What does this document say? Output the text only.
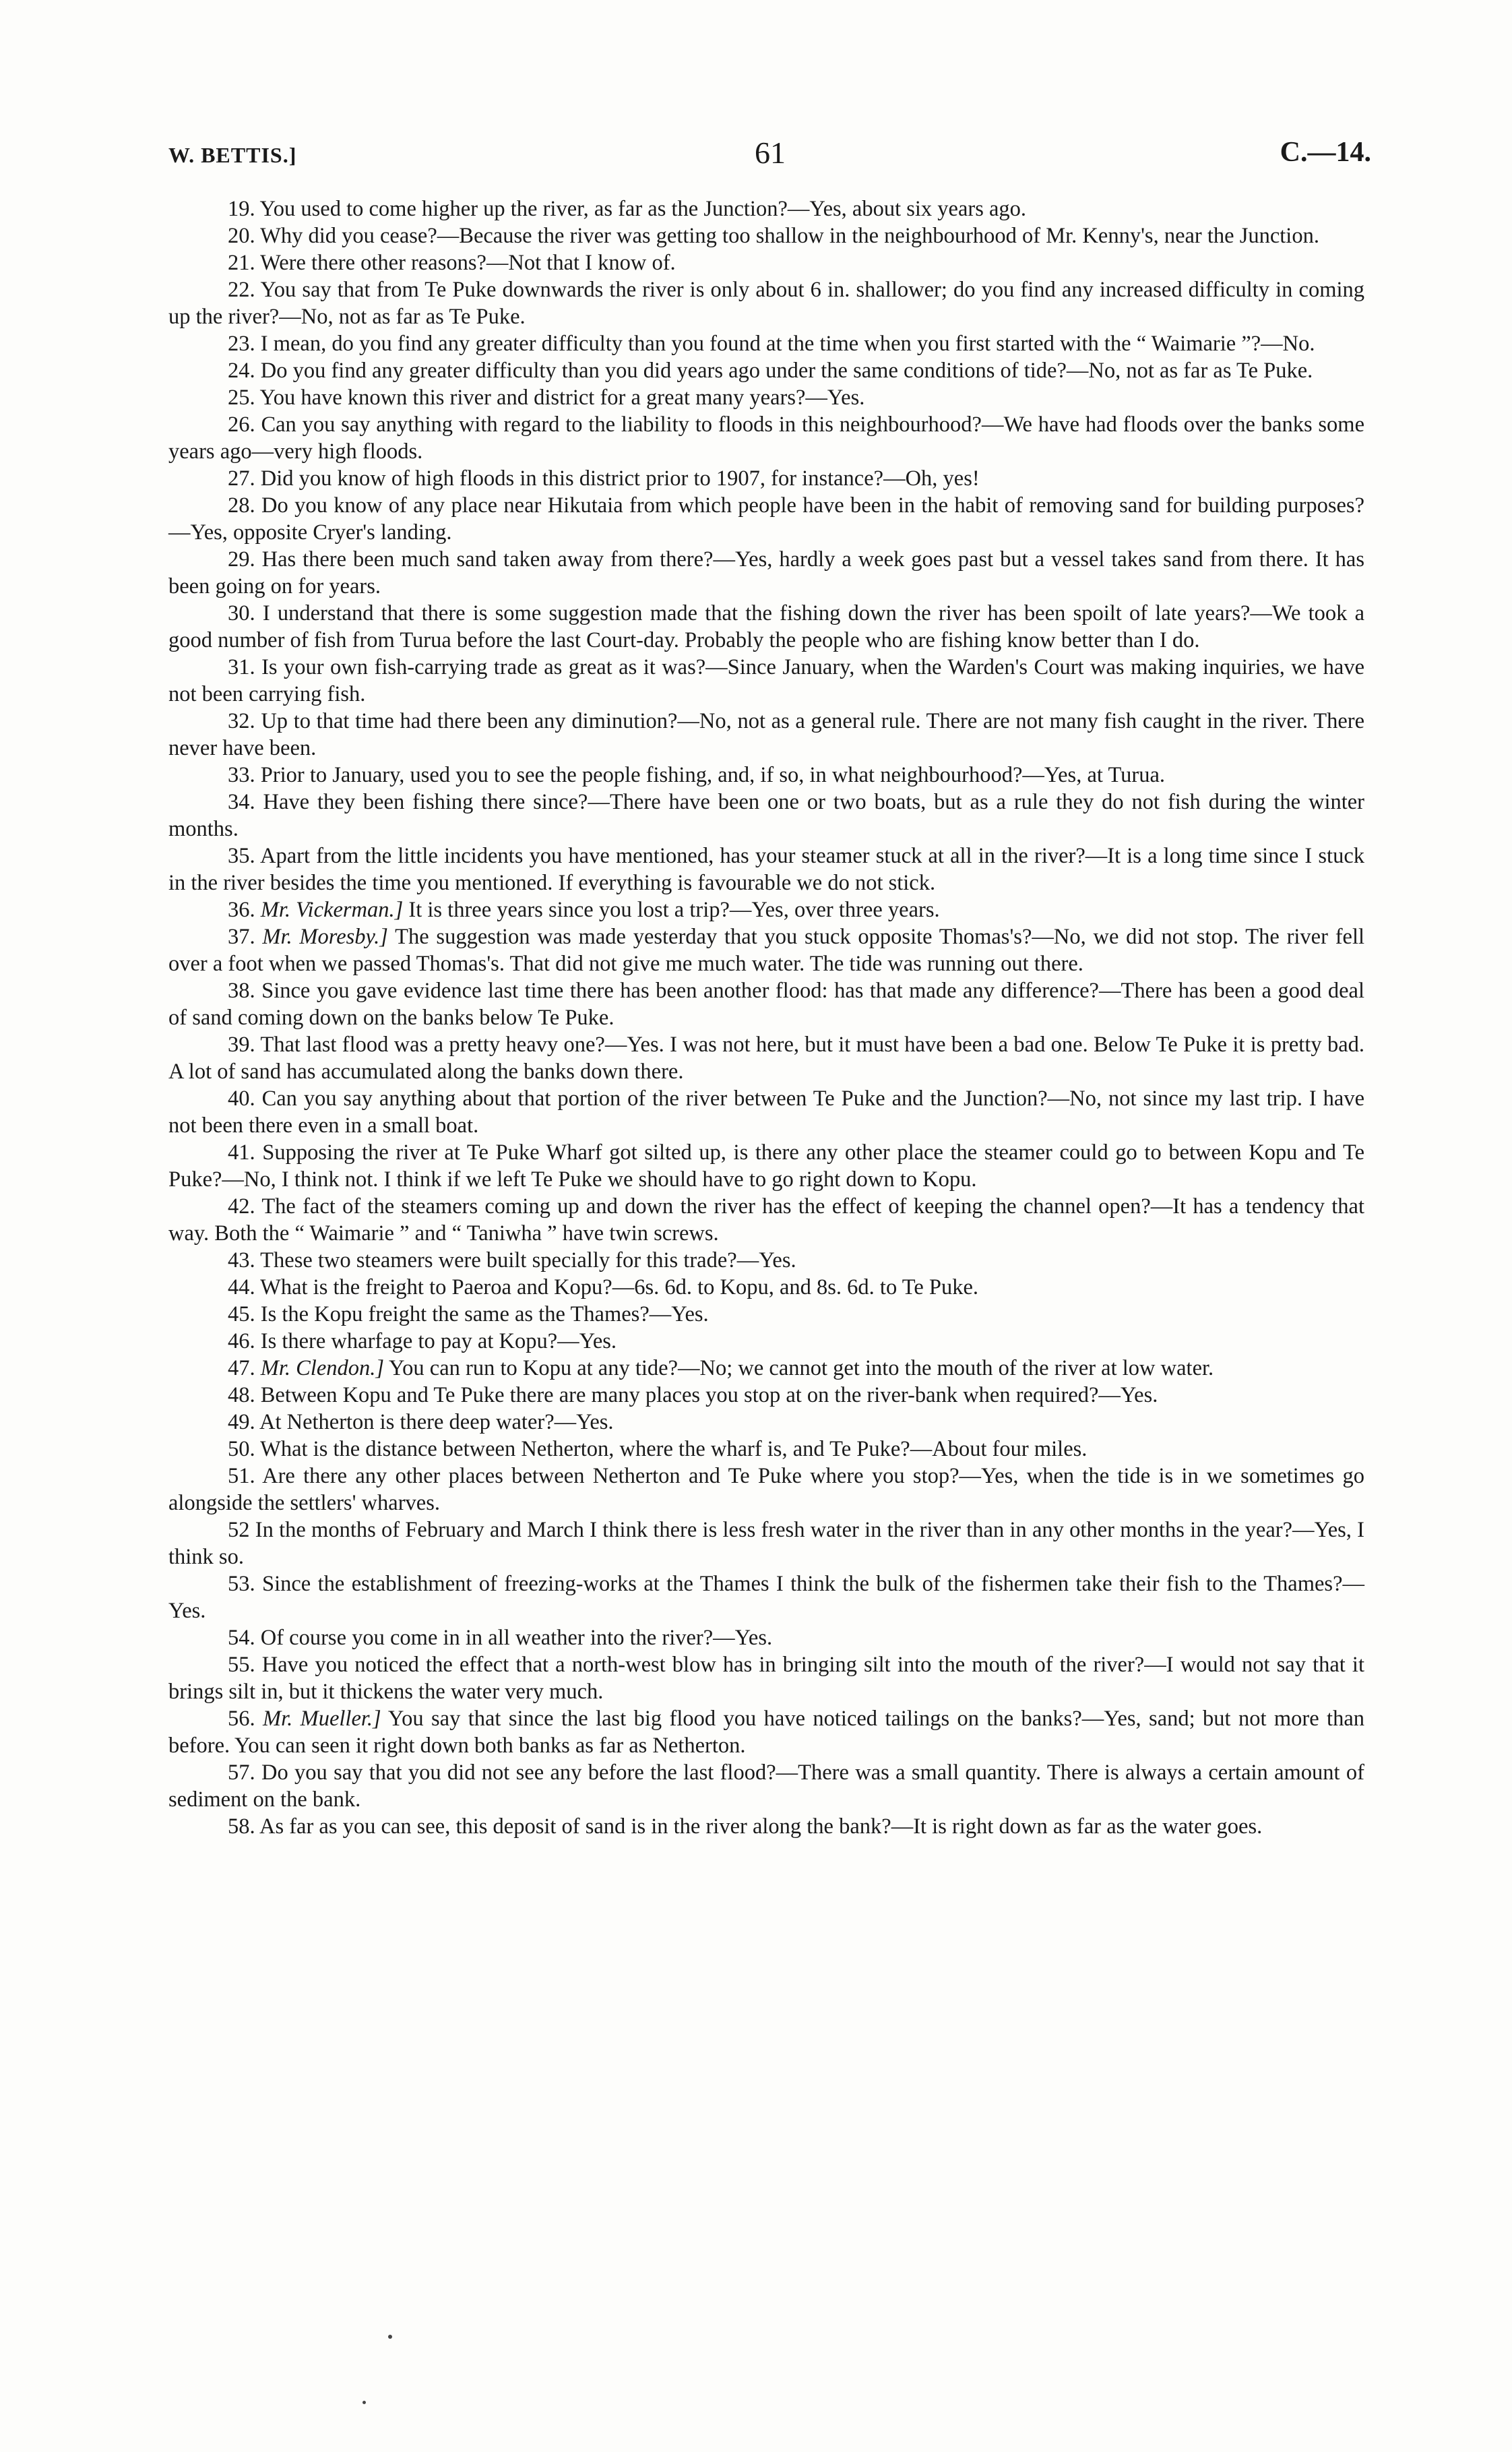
W. BETTIS.]	61	C.—14.

19. You used to come higher up the river, as far as the Junction?—Yes, about six years ago.

20. Why did you cease?—Because the river was getting too shallow in the neighbourhood of Mr. Kenny's, near the Junction.

21. Were there other reasons?—Not that I know of.

22. You say that from Te Puke downwards the river is only about 6 in. shallower; do you find any increased difficulty in coming up the river?—No, not as far as Te Puke.

23. I mean, do you find any greater difficulty than you found at the time when you first started with the “ Waimarie ”?—No.

24. Do you find any greater difficulty than you did years ago under the same conditions of tide?—No, not as far as Te Puke.

25. You have known this river and district for a great many years?—Yes.

26. Can you say anything with regard to the liability to floods in this neighbourhood?—We have had floods over the banks some years ago—very high floods.

27. Did you know of high floods in this district prior to 1907, for instance?—Oh, yes!

28. Do you know of any place near Hikutaia from which people have been in the habit of removing sand for building purposes?—Yes, opposite Cryer's landing.

29. Has there been much sand taken away from there?—Yes, hardly a week goes past but a vessel takes sand from there. It has been going on for years.

30. I understand that there is some suggestion made that the fishing down the river has been spoilt of late years?—We took a good number of fish from Turua before the last Court-day. Probably the people who are fishing know better than I do.

31. Is your own fish-carrying trade as great as it was?—Since January, when the Warden's Court was making inquiries, we have not been carrying fish.

32. Up to that time had there been any diminution?—No, not as a general rule. There are not many fish caught in the river. There never have been.

33. Prior to January, used you to see the people fishing, and, if so, in what neighbourhood?—Yes, at Turua.

34. Have they been fishing there since?—There have been one or two boats, but as a rule they do not fish during the winter months.

35. Apart from the little incidents you have mentioned, has your steamer stuck at all in the river?—It is a long time since I stuck in the river besides the time you mentioned. If everything is favourable we do not stick.

36. Mr. Vickerman.] It is three years since you lost a trip?—Yes, over three years.

37. Mr. Moresby.] The suggestion was made yesterday that you stuck opposite Thomas's?—No, we did not stop. The river fell over a foot when we passed Thomas's. That did not give me much water. The tide was running out there.

38. Since you gave evidence last time there has been another flood: has that made any difference?—There has been a good deal of sand coming down on the banks below Te Puke.

39. That last flood was a pretty heavy one?—Yes. I was not here, but it must have been a bad one. Below Te Puke it is pretty bad. A lot of sand has accumulated along the banks down there.

40. Can you say anything about that portion of the river between Te Puke and the Junction?—No, not since my last trip. I have not been there even in a small boat.

41. Supposing the river at Te Puke Wharf got silted up, is there any other place the steamer could go to between Kopu and Te Puke?—No, I think not. I think if we left Te Puke we should have to go right down to Kopu.

42. The fact of the steamers coming up and down the river has the effect of keeping the channel open?—It has a tendency that way. Both the “ Waimarie ” and “ Taniwha ” have twin screws.

43. These two steamers were built specially for this trade?—Yes.

44. What is the freight to Paeroa and Kopu?—6s. 6d. to Kopu, and 8s. 6d. to Te Puke.

45. Is the Kopu freight the same as the Thames?—Yes.

46. Is there wharfage to pay at Kopu?—Yes.

47. Mr. Clendon.] You can run to Kopu at any tide?—No; we cannot get into the mouth of the river at low water.

48. Between Kopu and Te Puke there are many places you stop at on the river-bank when required?—Yes.

49. At Netherton is there deep water?—Yes.

50. What is the distance between Netherton, where the wharf is, and Te Puke?—About four miles.

51. Are there any other places between Netherton and Te Puke where you stop?—Yes, when the tide is in we sometimes go alongside the settlers' wharves.

52 In the months of February and March I think there is less fresh water in the river than in any other months in the year?—Yes, I think so.

53. Since the establishment of freezing-works at the Thames I think the bulk of the fishermen take their fish to the Thames?—Yes.

54. Of course you come in in all weather into the river?—Yes.

55. Have you noticed the effect that a north-west blow has in bringing silt into the mouth of the river?—I would not say that it brings silt in, but it thickens the water very much.

56. Mr. Mueller.] You say that since the last big flood you have noticed tailings on the banks?—Yes, sand; but not more than before. You can seen it right down both banks as far as Netherton.

57. Do you say that you did not see any before the last flood?—There was a small quantity. There is always a certain amount of sediment on the bank.

58. As far as you can see, this deposit of sand is in the river along the bank?—It is right down as far as the water goes.
